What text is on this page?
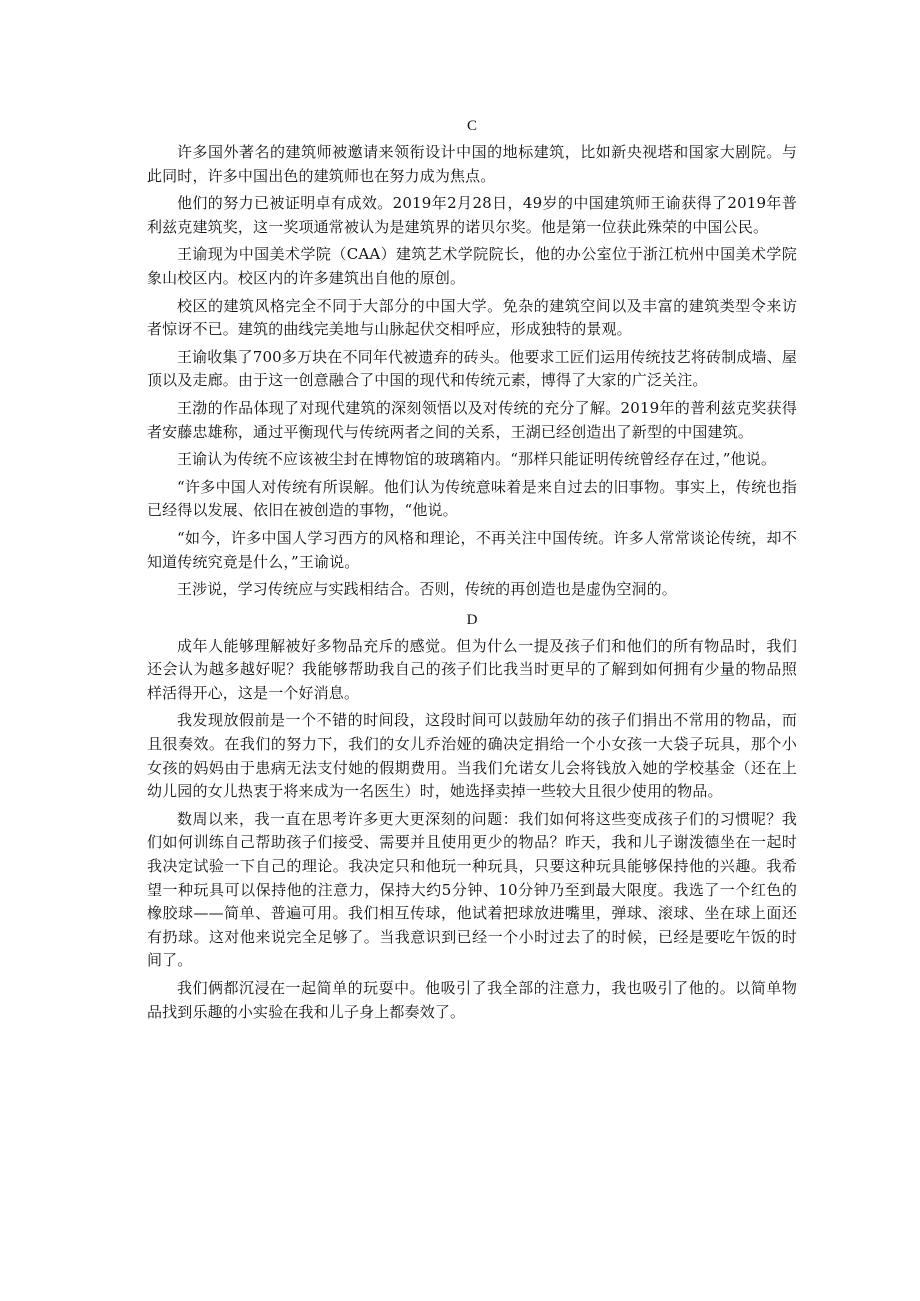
C

许多国外著名的建筑师被邀请来领衔设计中国的地标建筑，比如新央视塔和国家大剧院。与此同时，许多中国出色的建筑师也在努力成为焦点。

他们的努力已被证明卓有成效。2019年2月28日，49岁的中国建筑师王谕获得了2019年普利兹克建筑奖，这一奖项通常被认为是建筑界的诺贝尔奖。他是第一位获此殊荣的中国公民。

王谕现为中国美术学院（CAA）建筑艺术学院院长，他的办公室位于浙江杭州中国美术学院象山校区内。校区内的许多建筑出自他的原创。

校区的建筑风格完全不同于大部分的中国大学。免杂的建筑空间以及丰富的建筑类型令来访者惊讶不已。建筑的曲线完美地与山脉起伏交相呼应，形成独特的景观。

王谕收集了700多万块在不同年代被遗弃的砖头。他要求工匠们运用传统技艺将砖制成墙、屋顶以及走廊。由于这一创意融合了中国的现代和传统元素，博得了大家的广泛关注。

王渤的作品体现了对现代建筑的深刻领悟以及对传统的充分了解。2019年的普利兹克奖获得者安藤忠雄称，通过平衡现代与传统两者之间的关系，王湖已经创造出了新型的中国建筑。

王谕认为传统不应该被尘封在博物馆的玻璃箱内。“那样只能证明传统曾经存在过，”他说。

“许多中国人对传统有所误解。他们认为传统意味着是来自过去的旧事物。事实上，传统也指已经得以发展、依旧在被创造的事物，“他说。

“如今，许多中国人学习西方的风格和理论，不再关注中国传统。许多人常常谈论传统，却不知道传统究竟是什么，”王谕说。

王涉说，学习传统应与实践相结合。否则，传统的再创造也是虚伪空洞的。

D

成年人能够理解被好多物品充斥的感觉。但为什么一提及孩子们和他们的所有物品时，我们还会认为越多越好呢？我能够帮助我自己的孩子们比我当时更早的了解到如何拥有少量的物品照样活得开心，这是一个好消息。

我发现放假前是一个不错的时间段，这段时间可以鼓励年幼的孩子们捐出不常用的物品，而且很奏效。在我们的努力下，我们的女儿乔治娅的确决定捐给一个小女孩一大袋子玩具，那个小女孩的妈妈由于患病无法支付她的假期费用。当我们允诺女儿会将钱放入她的学校基金（还在上幼儿园的女儿热衷于将来成为一名医生）时，她选择卖掉一些较大且很少使用的物品。

数周以来，我一直在思考许多更大更深刻的问题：我们如何将这些变成孩子们的习惯呢？我们如何训练自己帮助孩子们接受、需要并且使用更少的物品？昨天，我和儿子谢泼德坐在一起时我决定试验一下自己的理论。我决定只和他玩一种玩具，只要这种玩具能够保持他的兴趣。我希望一种玩具可以保持他的注意力，保持大约5分钟、10分钟乃至到最大限度。我选了一个红色的橡胶球——简单、普遍可用。我们相互传球，他试着把球放进嘴里，弹球、滚球、坐在球上面还有扔球。这对他来说完全足够了。当我意识到已经一个小时过去了的时候，已经是要吃午饭的时间了。

我们俩都沉浸在一起简单的玩耍中。他吸引了我全部的注意力，我也吸引了他的。以简单物品找到乐趣的小实验在我和儿子身上都奏效了。
